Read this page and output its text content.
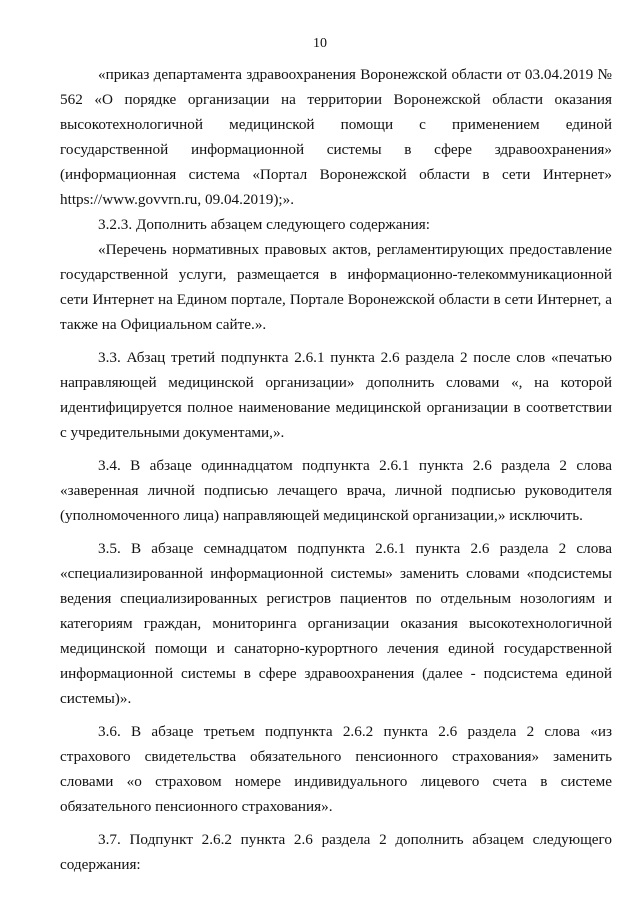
10

«приказ департамента здравоохранения Воронежской области от 03.04.2019 № 562 «О порядке организации на территории Воронежской области оказания высокотехнологичной медицинской помощи с применением единой государственной информационной системы в сфере здравоохранения» (информационная система «Портал Воронежской области в сети Интернет» https://www.govvrn.ru, 09.04.2019);».

3.2.3. Дополнить абзацем следующего содержания:

«Перечень нормативных правовых актов, регламентирующих предоставление государственной услуги, размещается в информационно-телекоммуникационной сети Интернет на Едином портале, Портале Воронежской области в сети Интернет, а также на Официальном сайте.».

3.3. Абзац третий подпункта 2.6.1 пункта 2.6 раздела 2 после слов «печатью направляющей медицинской организации» дополнить словами «, на которой идентифицируется полное наименование медицинской организации в соответствии с учредительными документами,».

3.4. В абзаце одиннадцатом подпункта 2.6.1 пункта 2.6 раздела 2 слова «заверенная личной подписью лечащего врача, личной подписью руководителя (уполномоченного лица) направляющей медицинской организации,» исключить.

3.5. В абзаце семнадцатом подпункта 2.6.1 пункта 2.6 раздела 2 слова «специализированной информационной системы» заменить словами «подсистемы ведения специализированных регистров пациентов по отдельным нозологиям и категориям граждан, мониторинга организации оказания высокотехнологичной медицинской помощи и санаторно-курортного лечения единой государственной информационной системы в сфере здравоохранения (далее - подсистема единой системы)».

3.6. В абзаце третьем подпункта 2.6.2 пункта 2.6 раздела 2 слова «из страхового свидетельства обязательного пенсионного страхования» заменить словами «о страховом номере индивидуального лицевого счета в системе обязательного пенсионного страхования».

3.7. Подпункт 2.6.2 пункта 2.6 раздела 2 дополнить абзацем следующего содержания:
